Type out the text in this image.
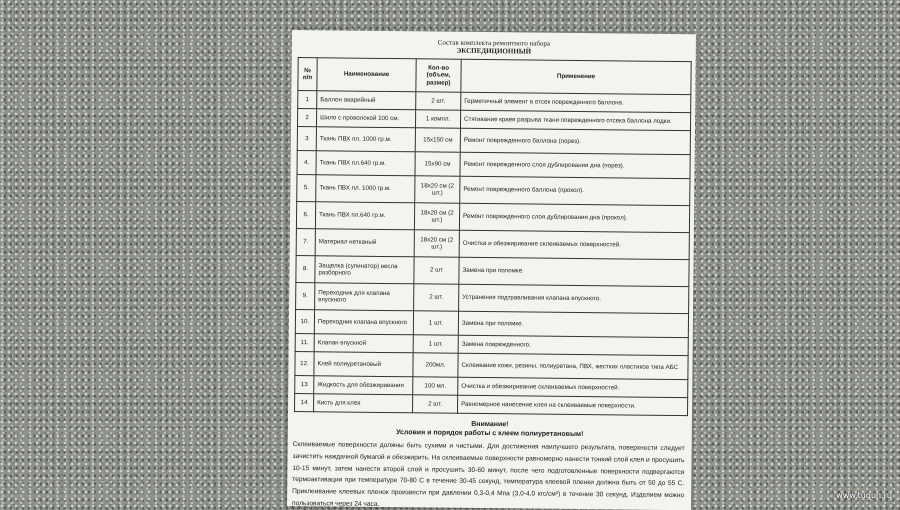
Состав комплекта ремонтного набора
ЭКСПЕДИЦИОННЫЙ
№ п/п	Наименование	Кол-во (объем, размер)	Применение
1	Баллон аварийный	2 шт.	Герметичный элемент в отсек поврежденного баллона.
2	Шило с проволокой 100 см.	1 компл.	Стягивание краев разрыва ткани поврежденного отсека баллона лодки.
3	Ткань ПВХ пл. 1000 гр.м.	15х150 см	Ремонт поврежденного баллона (порез).
4.	Ткань ПВХ пл.640 гр.м.	15х90 см	Ремонт поврежденного слоя дублирования дна (порез).
5.	Ткань ПВХ пл. 1000 гр.м.	18х20 см (2 шт.)	Ремонт поврежденного баллона (прокол).
6.	Ткань ПВХ пл.640 гр.м.	18х20 см (2 шт.)	Ремонт поврежденного слоя дублирования дна (прокол).
7.	Материал нетканый	18х20 см (2 шт.)	Очистка и обезжиривание склеиваемых поверхностей.
8.	Защелка (супинатор) весла разборного	2 шт	Замена при поломке.
9.	Переходник для клапана впускного	2 шт.	Устранения подтравливания клапана впускного.
10.	Переходник клапана впускного	1 шт.	Замена при поломке.
11.	Клапан впускной	1 шт.	Замена поврежденного.
12.	Клей полиуретановый	200мл.	Склеивание кожи, резины, полиуретана, ПВХ, жестких пластиков типа АБС
13	Жидкость для обезжиривания	100 мл.	Очистка и обезжиривание склеиваемых поверхностей.
14	Кисть для клея	2 шт.	Равномерное нанесение клея на склеиваемые поверхности.
Внимание!
Условия и порядок работы с клеем полиуретановым!
Склеиваемые поверхности должны быть сухими и чистыми. Для достижения наилучшего результата, поверхности следует зачистить наждачной бумагой и обезжирить. На склеиваемые поверхности равномерно нанести тонкий слой клея и просушить 10-15 минут, затем нанести второй слой и просушить 30-60 минут, после чего подготовленные поверхности подвергаются термоактивации при температуре 70-80 С в течение 30-45 секунд, температура клеевой пленки должна быть от 50 до 55 С. Приклеивание клеевых пленок произвести при давлении 0,3-0,4 Мпа (3,0-4,0 кгс/см²) в течение 30 секунд. Изделием можно пользоваться через 24 часа.
www.tugun.ru
